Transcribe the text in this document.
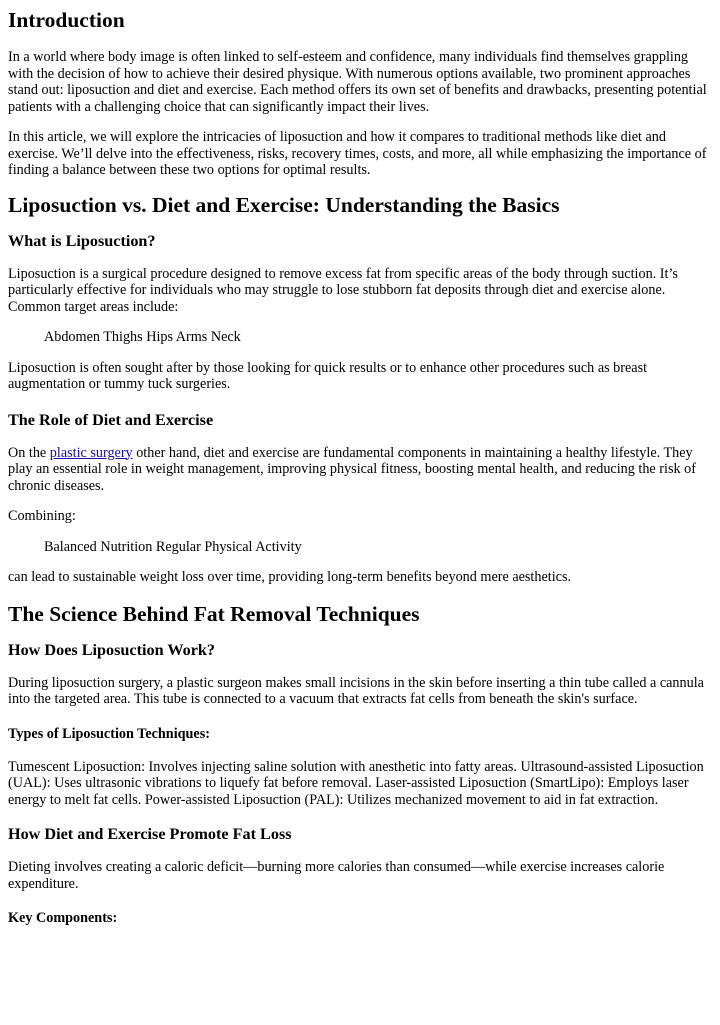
Introduction

In a world where body image is often linked to self-esteem and confidence, many individuals find themselves grappling with the decision of how to achieve their desired physique. With numerous options available, two prominent approaches stand out: liposuction and diet and exercise. Each method offers its own set of benefits and drawbacks, presenting potential patients with a challenging choice that can significantly impact their lives.

In this article, we will explore the intricacies of liposuction and how it compares to traditional methods like diet and exercise. We’ll delve into the effectiveness, risks, recovery times, costs, and more, all while emphasizing the importance of finding a balance between these two options for optimal results.

Liposuction vs. Diet and Exercise: Understanding the Basics
What is Liposuction?

Liposuction is a surgical procedure designed to remove excess fat from specific areas of the body through suction. It’s particularly effective for individuals who may struggle to lose stubborn fat deposits through diet and exercise alone. Common target areas include:

Abdomen Thighs Hips Arms Neck

Liposuction is often sought after by those looking for quick results or to enhance other procedures such as breast augmentation or tummy tuck surgeries.

The Role of Diet and Exercise

On the plastic surgery other hand, diet and exercise are fundamental components in maintaining a healthy lifestyle. They play an essential role in weight management, improving physical fitness, boosting mental health, and reducing the risk of chronic diseases.

Combining:

Balanced Nutrition Regular Physical Activity

can lead to sustainable weight loss over time, providing long-term benefits beyond mere aesthetics.

The Science Behind Fat Removal Techniques
How Does Liposuction Work?

During liposuction surgery, a plastic surgeon makes small incisions in the skin before inserting a thin tube called a cannula into the targeted area. This tube is connected to a vacuum that extracts fat cells from beneath the skin's surface.

Types of Liposuction Techniques:

Tumescent Liposuction: Involves injecting saline solution with anesthetic into fatty areas. Ultrasound-assisted Liposuction (UAL): Uses ultrasonic vibrations to liquefy fat before removal. Laser-assisted Liposuction (SmartLipo): Employs laser energy to melt fat cells. Power-assisted Liposuction (PAL): Utilizes mechanized movement to aid in fat extraction.

How Diet and Exercise Promote Fat Loss

Dieting involves creating a caloric deficit—burning more calories than consumed—while exercise increases calorie expenditure.

Key Components:
